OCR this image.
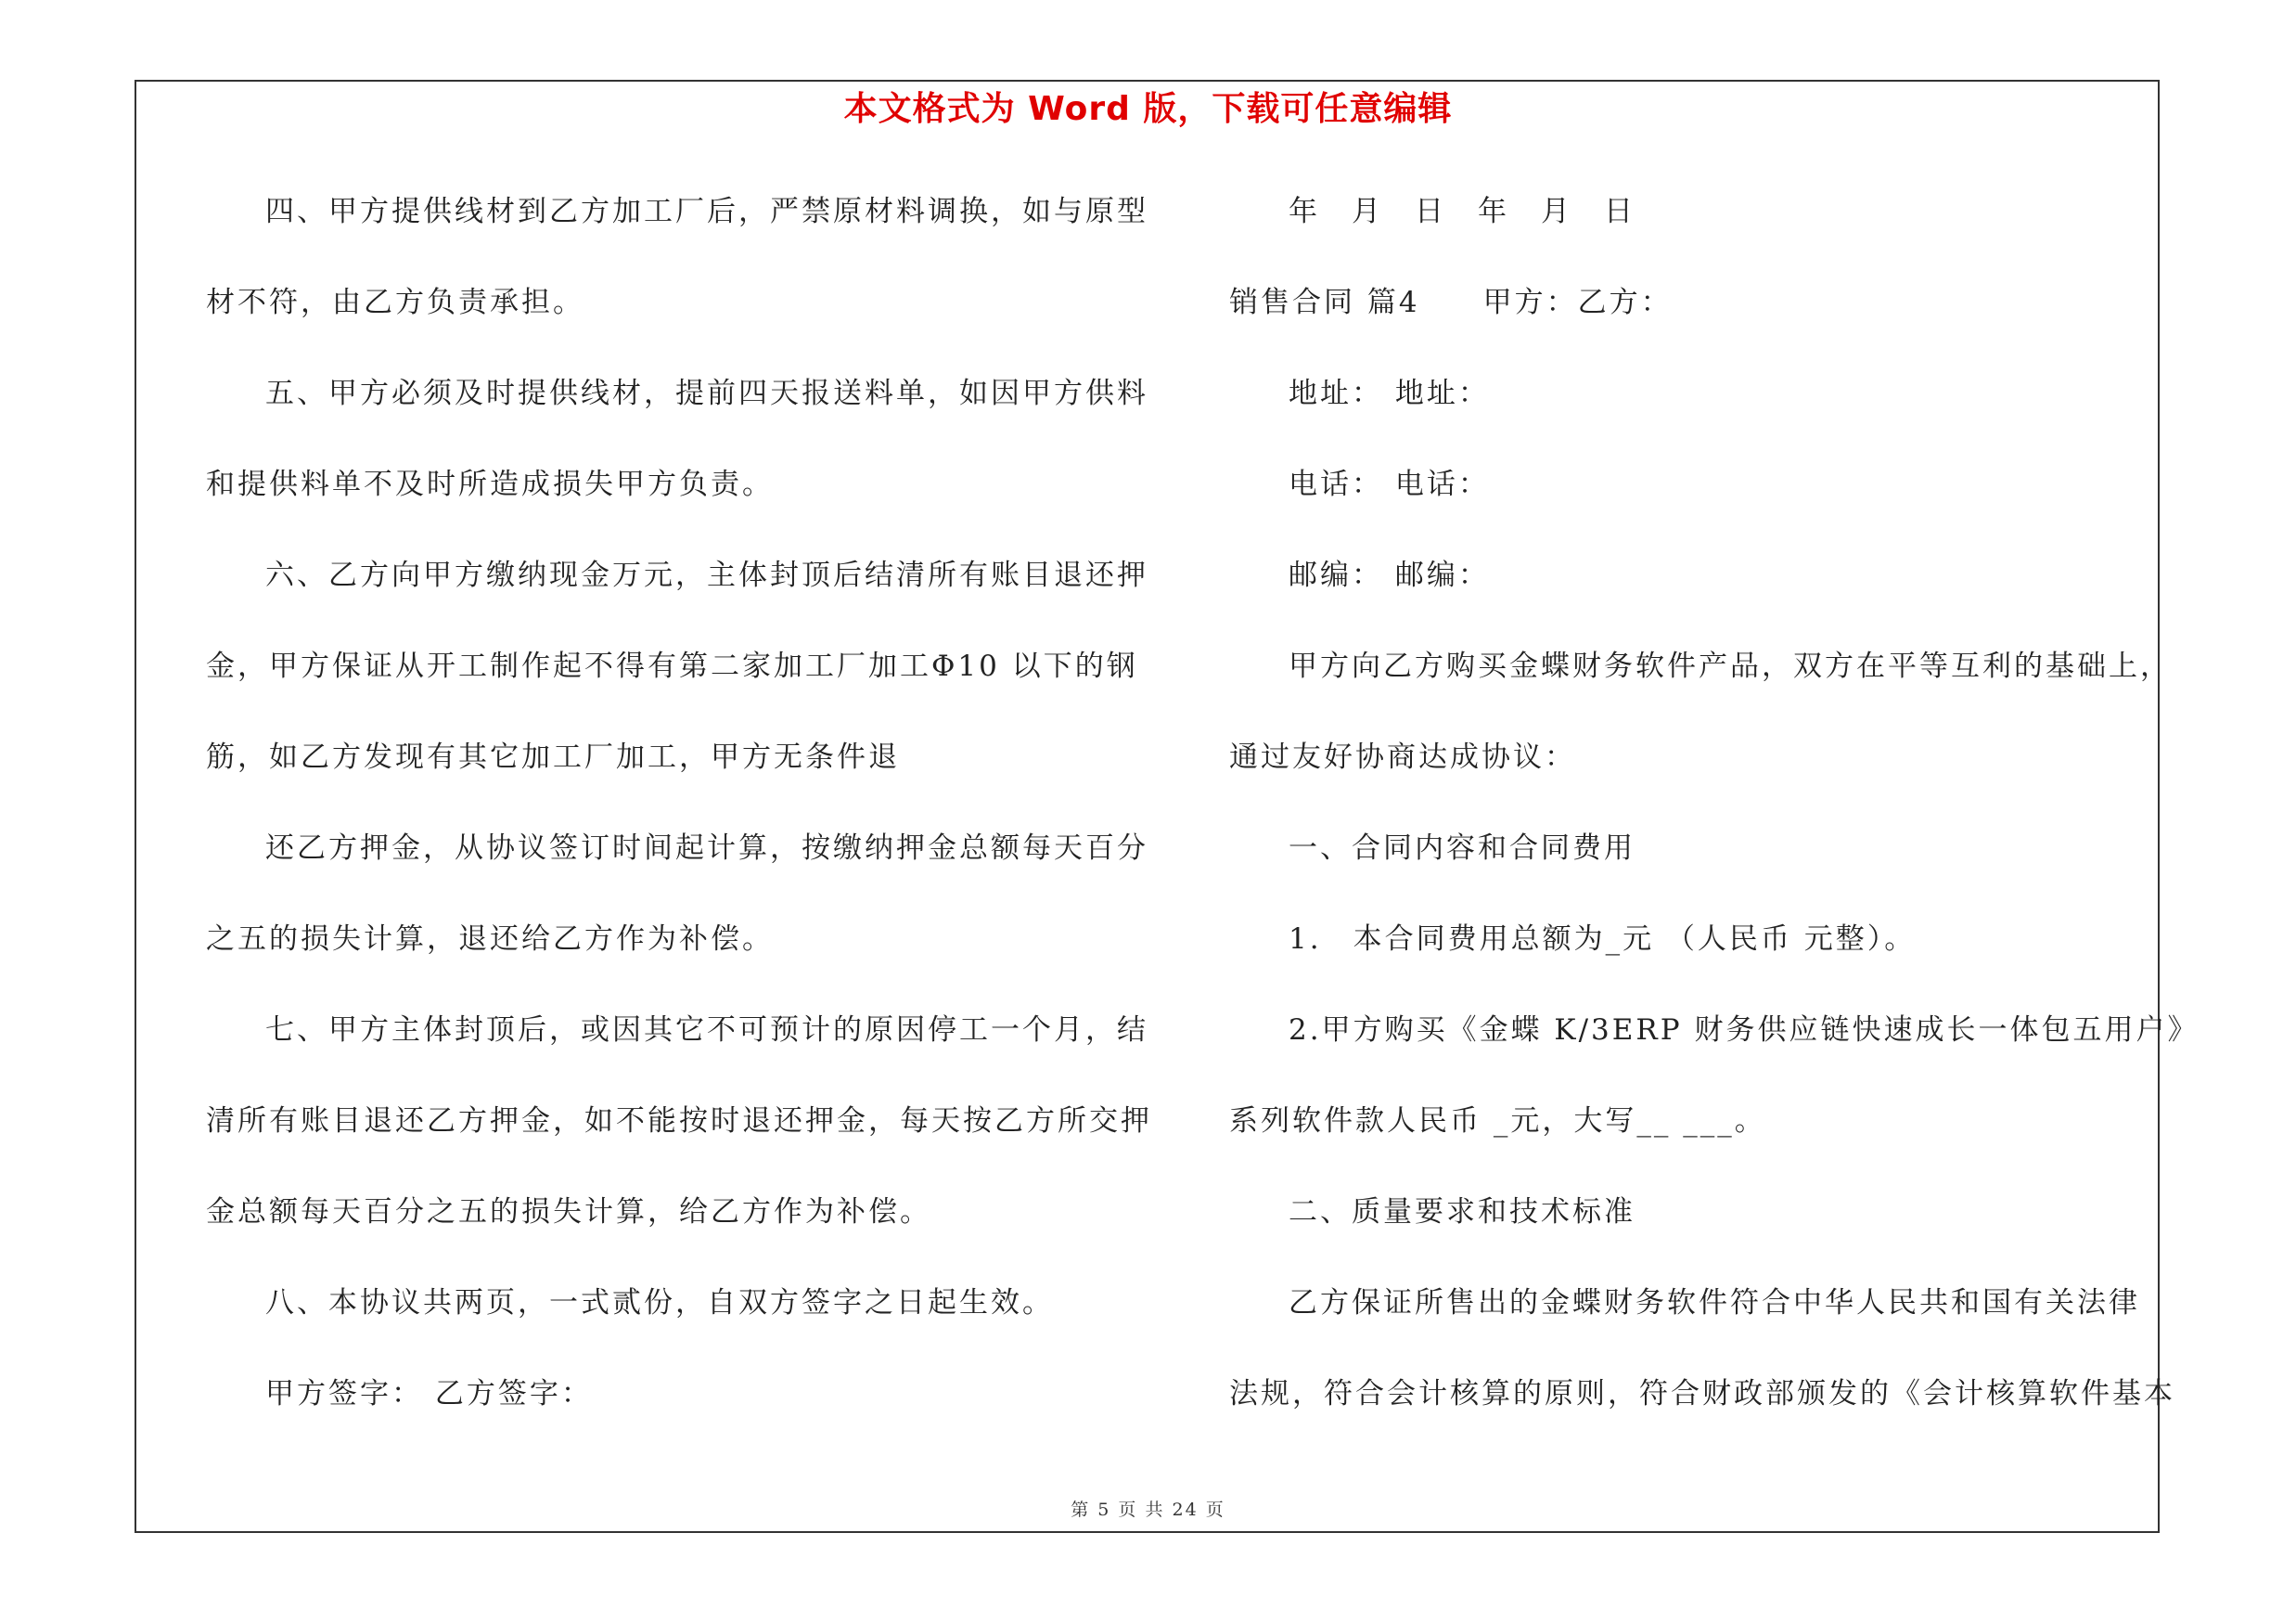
本文格式为 Word 版，下载可任意编辑
四、甲方提供线材到乙方加工厂后，严禁原材料调换，如与原型
材不符，由乙方负责承担。
五、甲方必须及时提供线材，提前四天报送料单，如因甲方供料
和提供料单不及时所造成损失甲方负责。
六、乙方向甲方缴纳现金万元，主体封顶后结清所有账目退还押
金，甲方保证从开工制作起不得有第二家加工厂加工Φ10 以下的钢
筋，如乙方发现有其它加工厂加工，甲方无条件退
还乙方押金，从协议签订时间起计算，按缴纳押金总额每天百分
之五的损失计算，退还给乙方作为补偿。
七、甲方主体封顶后，或因其它不可预计的原因停工一个月，结
清所有账目退还乙方押金，如不能按时退还押金，每天按乙方所交押
金总额每天百分之五的损失计算，给乙方作为补偿。
八、本协议共两页，一式贰份，自双方签字之日起生效。
甲方签字： 乙方签字：
年　月　日　年　月　日
销售合同 篇4　　甲方：乙方：
地址： 地址：
电话： 电话：
邮编： 邮编：
甲方向乙方购买金蝶财务软件产品，双方在平等互利的基础上，
通过友好协商达成协议：
一、合同内容和合同费用
1.　本合同费用总额为_元 （人民币 元整）。
2.甲方购买《金蝶 K/3ERP 财务供应链快速成长一体包五用户》
系列软件款人民币 _元，大写__ ___。
二、质量要求和技术标准
乙方保证所售出的金蝶财务软件符合中华人民共和国有关法律
法规，符合会计核算的原则，符合财政部颁发的《会计核算软件基本
第 5 页 共 24 页
